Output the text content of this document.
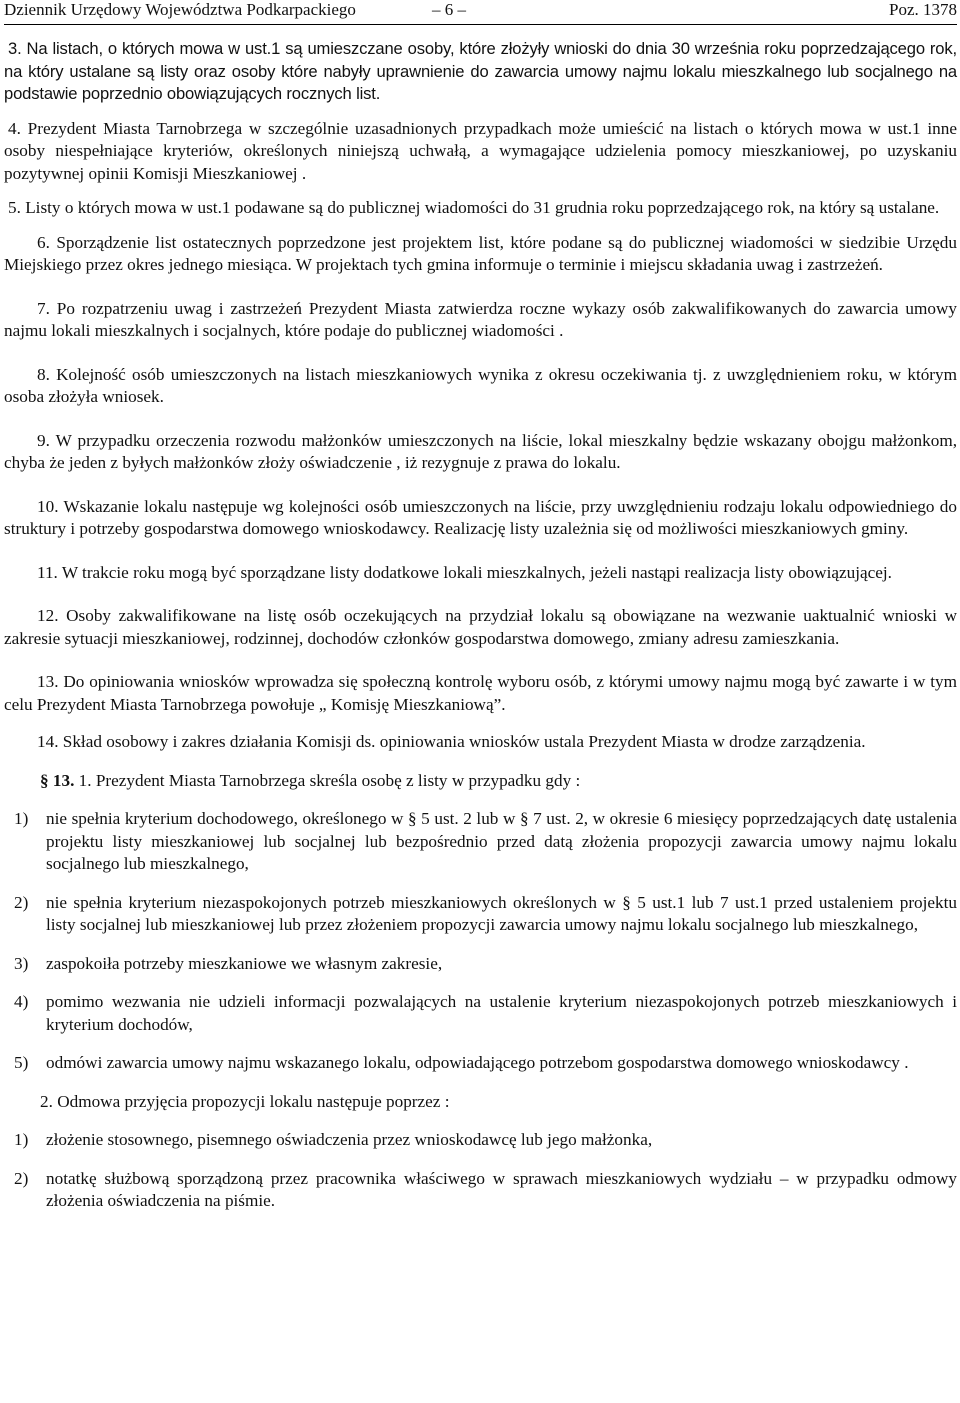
Dziennik Urzędowy Województwa Podkarpackiego	– 6 –	Poz. 1378

3. Na listach, o których mowa w ust.1 są umieszczane osoby, które złożyły wnioski do dnia 30 września roku poprzedzającego rok, na który ustalane są listy oraz osoby które nabyły uprawnienie do zawarcia umowy najmu lokalu mieszkalnego lub socjalnego na podstawie poprzednio obowiązujących rocznych list.

4. Prezydent Miasta Tarnobrzega w szczególnie uzasadnionych przypadkach może umieścić na listach o których mowa w ust.1 inne osoby niespełniające kryteriów, określonych niniejszą uchwałą, a wymagające udzielenia pomocy mieszkaniowej, po uzyskaniu pozytywnej opinii Komisji Mieszkaniowej .

5. Listy o których mowa w ust.1 podawane są do publicznej wiadomości do 31 grudnia roku poprzedzającego rok, na który są ustalane.

6. Sporządzenie list ostatecznych poprzedzone jest projektem list, które podane są do publicznej wiadomości w siedzibie Urzędu Miejskiego przez okres jednego miesiąca. W projektach tych gmina informuje o terminie i miejscu składania uwag i zastrzeżeń.

7. Po rozpatrzeniu uwag i zastrzeżeń Prezydent Miasta zatwierdza roczne wykazy osób zakwalifikowanych do zawarcia umowy najmu lokali mieszkalnych i socjalnych, które podaje do publicznej wiadomości .

8. Kolejność osób umieszczonych na listach mieszkaniowych wynika z okresu oczekiwania tj. z uwzględnieniem roku, w którym osoba złożyła wniosek.

9. W przypadku orzeczenia rozwodu małżonków umieszczonych na liście, lokal mieszkalny będzie wskazany obojgu małżonkom, chyba że jeden z byłych małżonków złoży oświadczenie , iż rezygnuje z prawa do lokalu.

10. Wskazanie lokalu następuje wg kolejności osób umieszczonych na liście, przy uwzględnieniu rodzaju lokalu odpowiedniego do struktury i potrzeby gospodarstwa domowego wnioskodawcy. Realizację listy uzależnia się od możliwości mieszkaniowych gminy.

11. W trakcie roku mogą być sporządzane listy dodatkowe lokali mieszkalnych, jeżeli nastąpi realizacja listy obowiązującej.

12. Osoby zakwalifikowane na listę osób oczekujących na przydział lokalu są obowiązane na wezwanie uaktualnić wnioski w zakresie sytuacji mieszkaniowej, rodzinnej, dochodów członków gospodarstwa domowego, zmiany adresu zamieszkania.

13. Do opiniowania wniosków wprowadza się społeczną kontrolę wyboru osób, z którymi umowy najmu mogą być zawarte i w tym celu Prezydent Miasta Tarnobrzega powołuje „ Komisję Mieszkaniową”.

14. Skład osobowy i zakres działania Komisji ds. opiniowania wniosków ustala Prezydent Miasta w drodze zarządzenia.

§ 13. 1. Prezydent Miasta Tarnobrzega skreśla osobę z listy w przypadku gdy :
1)	nie spełnia kryterium dochodowego, określonego w § 5 ust. 2 lub w § 7 ust. 2, w okresie 6 miesięcy poprzedzających datę ustalenia projektu listy mieszkaniowej lub socjalnej lub bezpośrednio przed datą złożenia propozycji zawarcia umowy najmu lokalu socjalnego lub mieszkalnego,
2)	nie spełnia kryterium niezaspokojonych potrzeb mieszkaniowych określonych w § 5 ust.1 lub 7 ust.1 przed ustaleniem projektu listy socjalnej lub mieszkaniowej lub przez złożeniem propozycji zawarcia umowy najmu lokalu socjalnego lub mieszkalnego,
3)	zaspokoiła potrzeby mieszkaniowe we własnym zakresie,
4)	pomimo wezwania nie udzieli informacji pozwalających na ustalenie kryterium niezaspokojonych potrzeb mieszkaniowych i kryterium dochodów,
5)	odmówi zawarcia umowy najmu wskazanego lokalu, odpowiadającego potrzebom gospodarstwa domowego wnioskodawcy .
2. Odmowa przyjęcia propozycji lokalu następuje poprzez :
1)	złożenie stosownego, pisemnego oświadczenia przez wnioskodawcę lub jego małżonka,
2)	notatkę służbową sporządzoną przez pracownika właściwego w sprawach mieszkaniowych wydziału – w przypadku odmowy złożenia oświadczenia na piśmie.
